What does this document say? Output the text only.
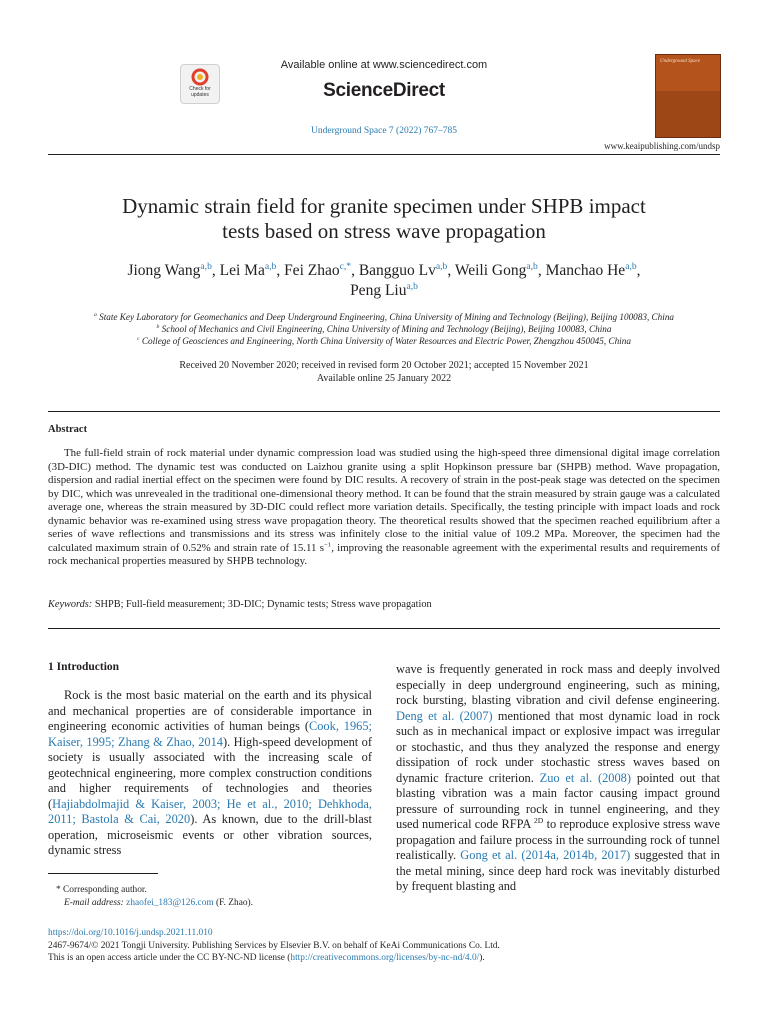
Check for
updates
Available online at www.sciencedirect.com
ScienceDirect
Underground Space 7 (2022) 767–785
Underground Space
www.keaipublishing.com/undsp
Dynamic strain field for granite specimen under SHPB impact
tests based on stress wave propagation
Jiong Wang$^{a,b}$, Lei Ma$^{a,b}$, Fei Zhao$^{c,*}$, Bangguo Lv$^{a,b}$, Weili Gong$^{a,b}$, Manchao He$^{a,b}$,
Peng Liu$^{a,b}$
$^a$ State Key Laboratory for Geomechanics and Deep Underground Engineering, China University of Mining and Technology (Beijing), Beijing 100083, China
$^b$ School of Mechanics and Civil Engineering, China University of Mining and Technology (Beijing), Beijing 100083, China
$^c$ College of Geosciences and Engineering, North China University of Water Resources and Electric Power, Zhengzhou 450045, China
Received 20 November 2020; received in revised form 20 October 2021; accepted 15 November 2021
Available online 25 January 2022
Abstract

The full-field strain of rock material under dynamic compression load was studied using the high-speed three dimensional digital image correlation (3D-DIC) method. The dynamic test was conducted on Laizhou granite using a split Hopkinson pressure bar (SHPB) method. Wave propagation, dispersion and radial inertial effect on the specimen were found by DIC results. A recovery of strain in the post-peak stage was detected on the specimen by DIC, which was unrevealed in the traditional one-dimensional theory method. It can be found that the strain measured by strain gauge was a calculated average one, whereas the strain measured by 3D-DIC could reflect more variation details. Specifically, the testing principle with impact loads and rock dynamic behavior was re-examined using stress wave propagation theory. The theoretical results showed that the specimen reached equilibrium after a series of wave reflections and transmissions and its stress was infinitely close to the initial value of 109.2 MPa. Moreover, the specimen had the calculated maximum strain of 0.52% and strain rate of 15.11 $s^{-1}$, improving the reasonable agreement with the experimental results and requirements of rock mechanical properties measured by SHPB technology.

Keywords: SHPB; Full-field measurement; 3D-DIC; Dynamic tests; Stress wave propagation
1 Introduction

Rock is the most basic material on the earth and its physical and mechanical properties are of considerable importance in engineering economic activities of human beings (Cook, 1965; Kaiser, 1995; Zhang & Zhao, 2014). High-speed development of society is usually associated with the increasing scale of geotechnical engineering, more complex construction conditions and higher requirements of technologies and theories (Hajiabdolmajid & Kaiser, 2003; He et al., 2010; Dehkhoda, 2011; Bastola & Cai, 2020). As known, due to the drill-blast operation, microseismic events or other vibration sources, dynamic stress

wave is frequently generated in rock mass and deeply involved especially in deep underground engineering, such as mining, rock bursting, blasting vibration and civil defense engineering. Deng et al. (2007) mentioned that most dynamic load in rock such as in mechanical impact or explosive impact was irregular or stochastic, and thus they analyzed the response and energy dissipation of rock under stochastic stress waves based on dynamic fracture criterion. Zuo et al. (2008) pointed out that blasting vibration was a main factor causing impact ground pressure of surrounding rock in tunnel engineering, and they used numerical code RFPA $^{2D}$ to reproduce explosive stress wave propagation and failure process in the surrounding rock of tunnel realistically. Gong et al. (2014a, 2014b, 2017) suggested that in the metal mining, since deep hard rock was inevitably disturbed by frequent blasting and

* Corresponding author.
E-mail address: zhaofei_183@126.com (F. Zhao).
https://doi.org/10.1016/j.undsp.2021.11.010
2467-9674/© 2021 Tongji University. Publishing Services by Elsevier B.V. on behalf of KeAi Communications Co. Ltd.
This is an open access article under the CC BY-NC-ND license (http://creativecommons.org/licenses/by-nc-nd/4.0/).
